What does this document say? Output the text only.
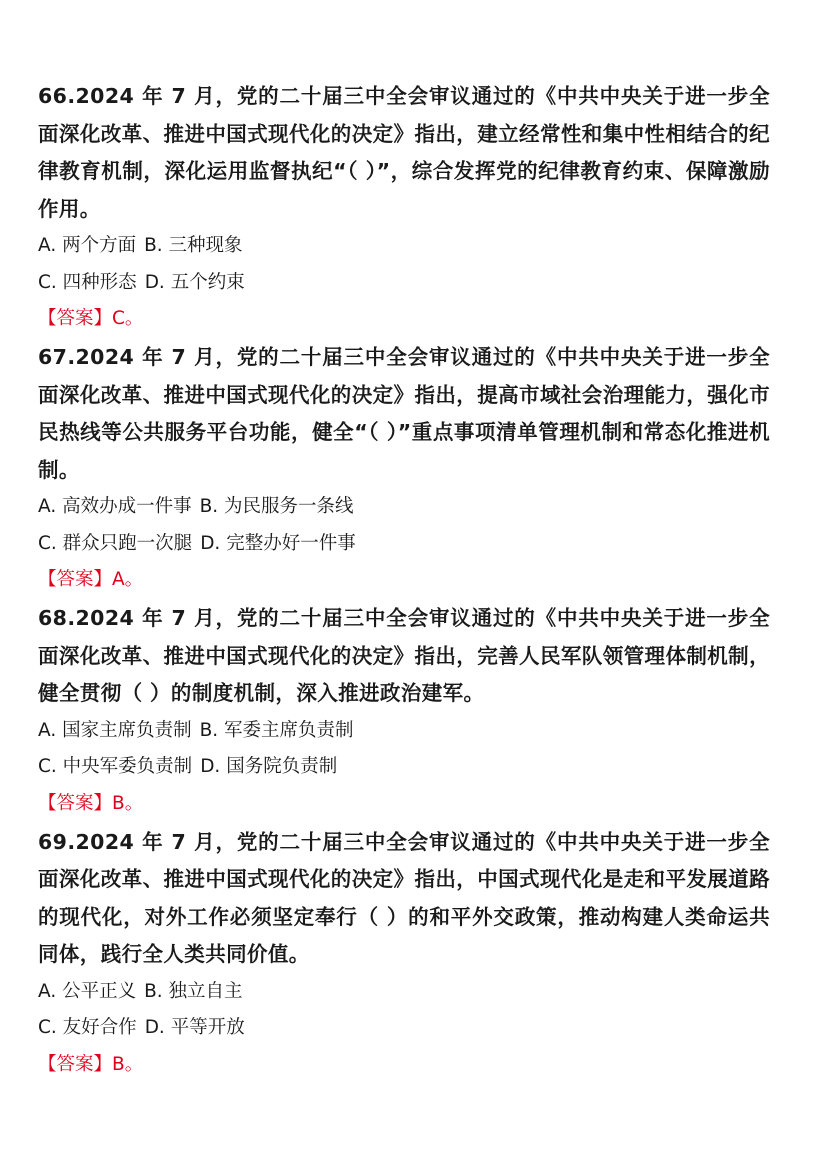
66.2024 年 7 月，党的二十届三中全会审议通过的《中共中央关于进一步全面深化改革、推进中国式现代化的决定》指出，建立经常性和集中性相结合的纪律教育机制，深化运用监督执纪“（ ）”，综合发挥党的纪律教育约束、保障激励作用。

A. 两个方面 B. 三种现象

C. 四种形态 D. 五个约束

【答案】C。

67.2024 年 7 月，党的二十届三中全会审议通过的《中共中央关于进一步全面深化改革、推进中国式现代化的决定》指出，提高市域社会治理能力，强化市民热线等公共服务平台功能，健全“（ ）”重点事项清单管理机制和常态化推进机制。

A. 高效办成一件事 B. 为民服务一条线

C. 群众只跑一次腿 D. 完整办好一件事

【答案】A。

68.2024 年 7 月，党的二十届三中全会审议通过的《中共中央关于进一步全面深化改革、推进中国式现代化的决定》指出，完善人民军队领管理体制机制，健全贯彻（ ）的制度机制，深入推进政治建军。

A. 国家主席负责制 B. 军委主席负责制

C. 中央军委负责制 D. 国务院负责制

【答案】B。

69.2024 年 7 月，党的二十届三中全会审议通过的《中共中央关于进一步全面深化改革、推进中国式现代化的决定》指出，中国式现代化是走和平发展道路的现代化，对外工作必须坚定奉行（ ）的和平外交政策，推动构建人类命运共同体，践行全人类共同价值。

A. 公平正义 B. 独立自主

C. 友好合作 D. 平等开放

【答案】B。
